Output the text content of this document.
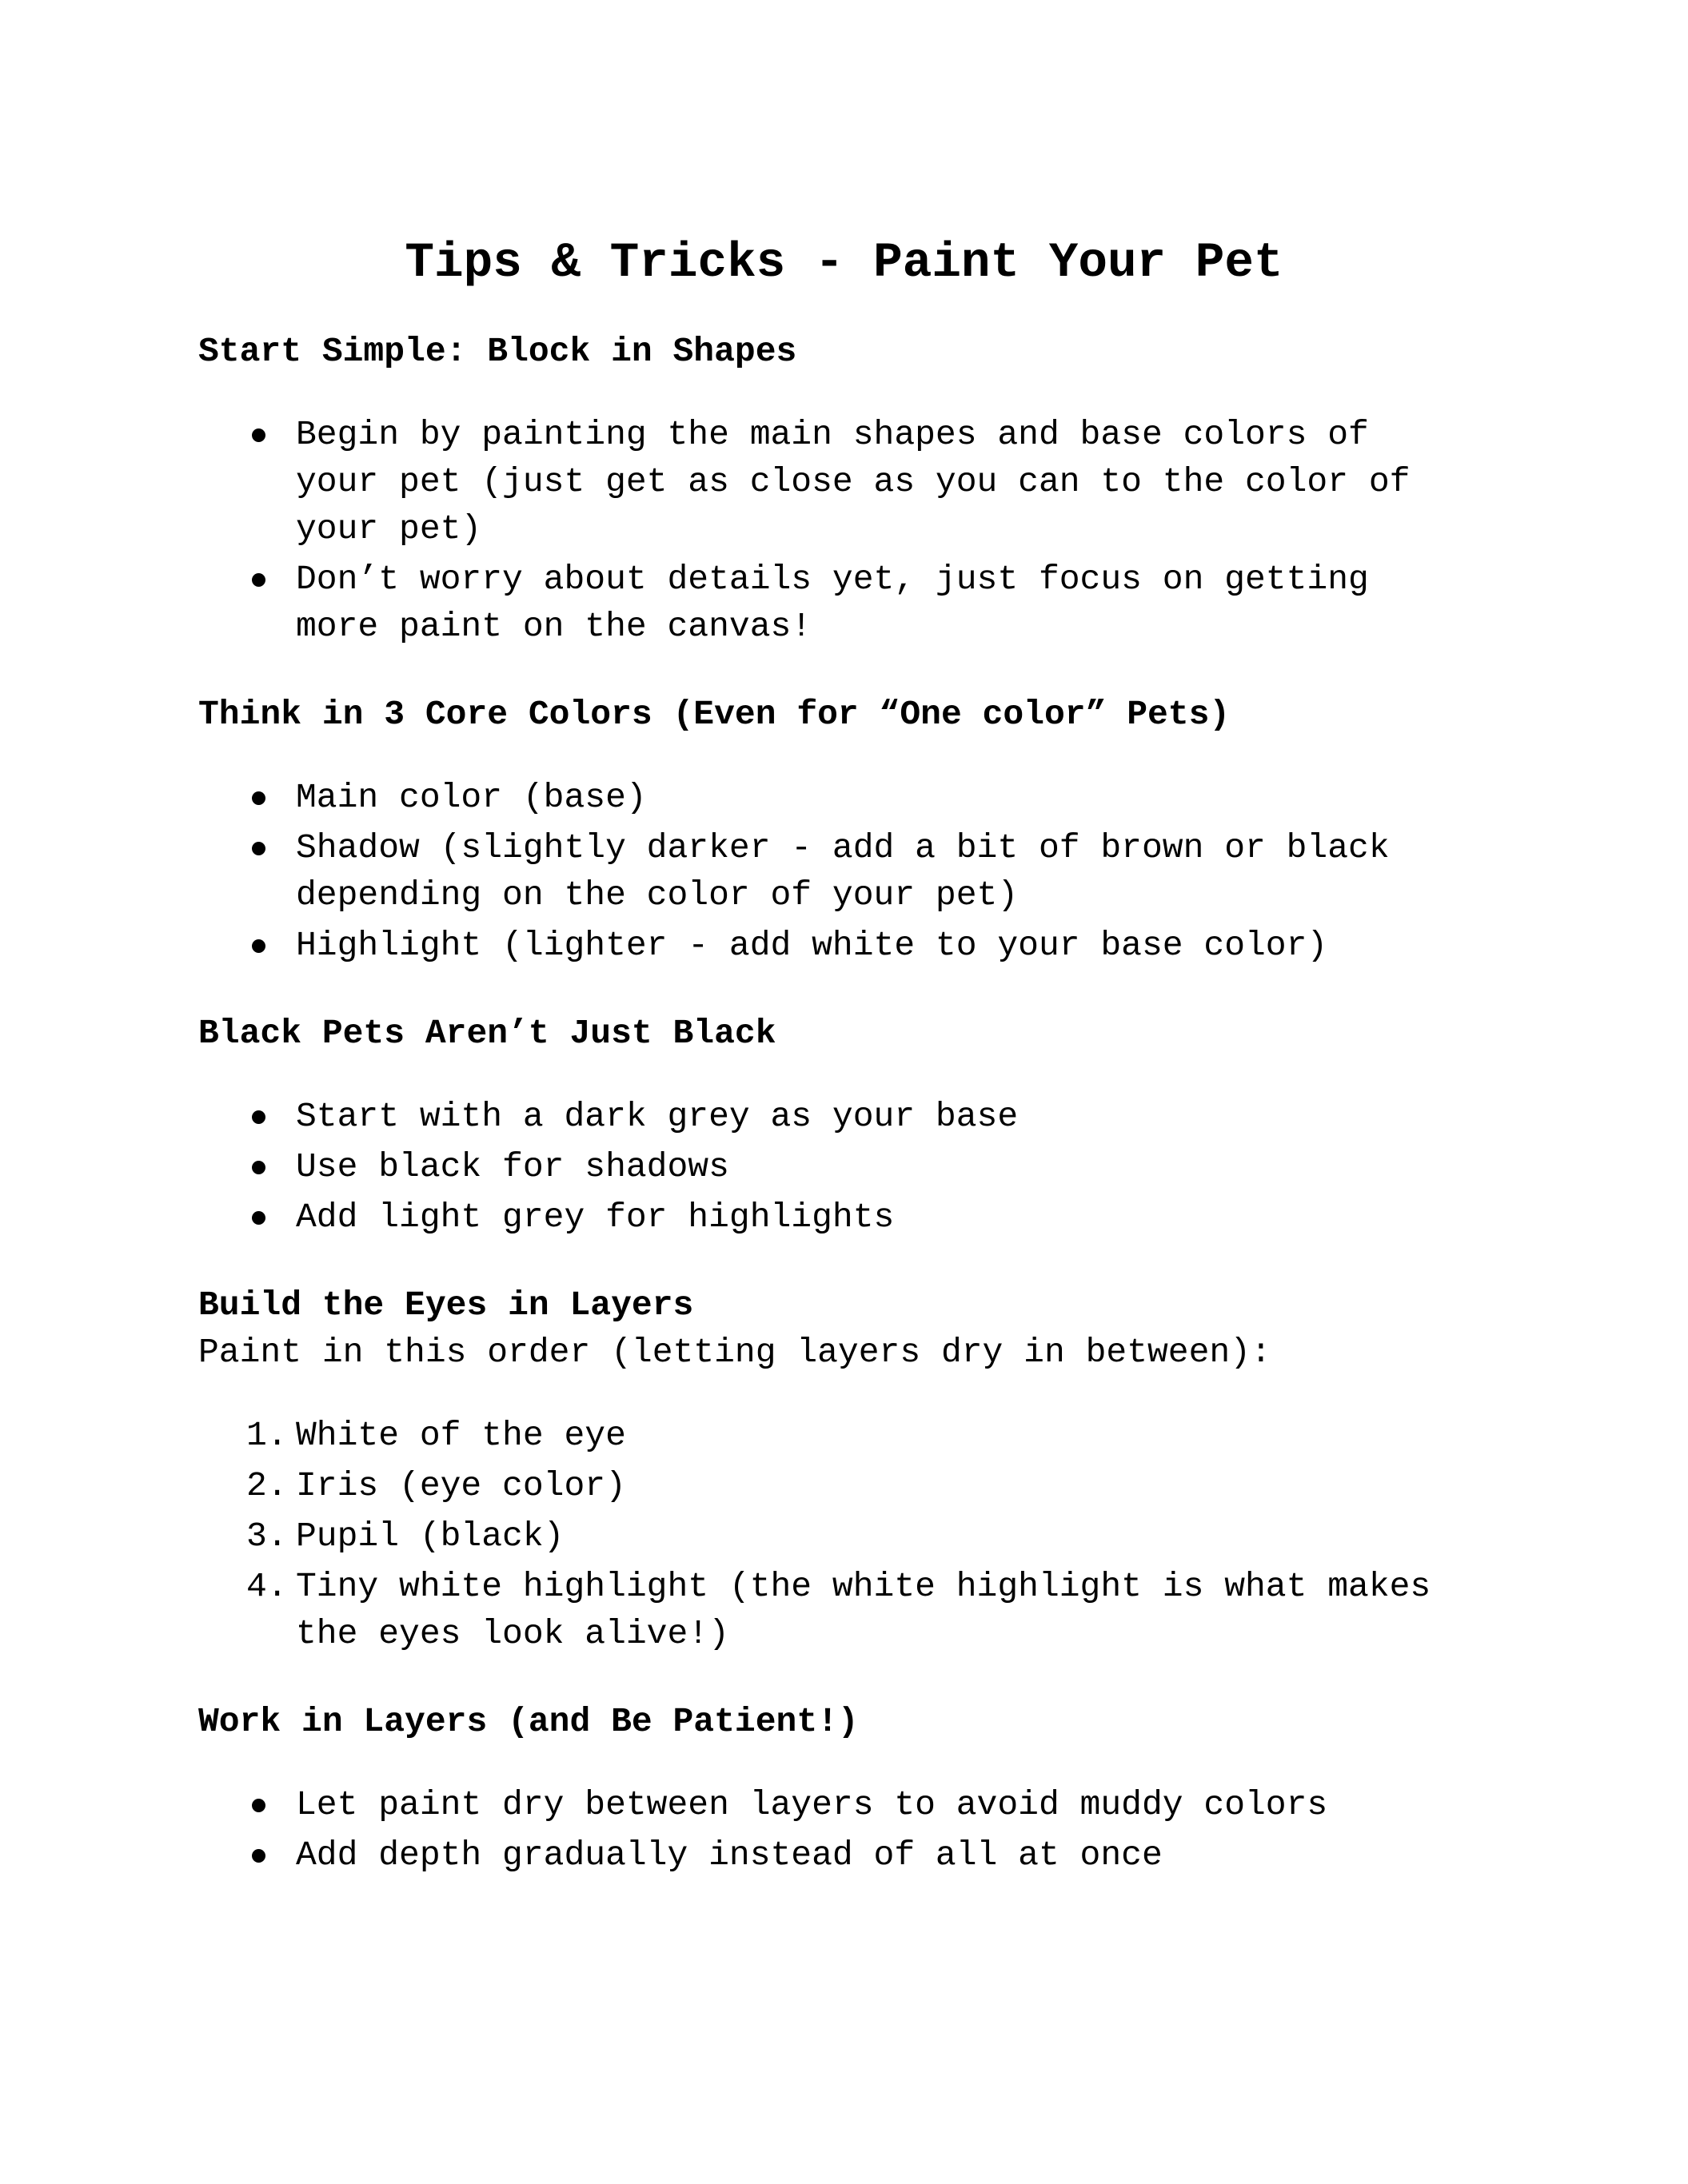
Tips & Tricks - Paint Your Pet
Start Simple: Block in Shapes
Begin by painting the main shapes and base colors of
your pet (just get as close as you can to the color of
your pet)
Don’t worry about details yet, just focus on getting
more paint on the canvas!
Think in 3 Core Colors (Even for “One color” Pets)
Main color (base)
Shadow (slightly darker - add a bit of brown or black
depending on the color of your pet)
Highlight (lighter - add white to your base color)
Black Pets Aren’t Just Black
Start with a dark grey as your base
Use black for shadows
Add light grey for highlights
Build the Eyes in Layers
Paint in this order (letting layers dry in between):
1. White of the eye
2. Iris (eye color)
3. Pupil (black)
4. Tiny white highlight (the white highlight is what makes
the eyes look alive!)
Work in Layers (and Be Patient!)
Let paint dry between layers to avoid muddy colors
Add depth gradually instead of all at once
